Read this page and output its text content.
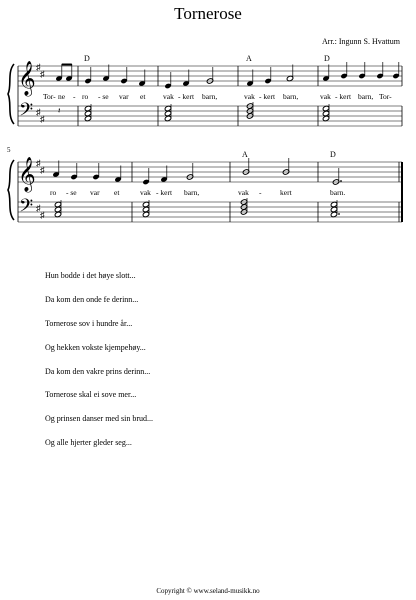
Tornerose
Arr.: Ingunn S. Hvattum
𝄞
𝄢
♯
♯
♯
♯
D	A	D
𝄽
Tor- ne - ro - se var et vak - kert barn,	vak - kert barn,	vak - kert barn, Tor-
5
𝄞
𝄢
♯
♯
♯
♯
A	D
ro - se var et	vak - kert barn,	vak - kert	barn.
Hun bodde i det høye slott...
Da kom den onde fe derinn...
Tornerose sov i hundre år...
Og hekken vokste kjempehøy...
Da kom den vakre prins derinn...
Tornerose skal ei sove mer...
Og prinsen danser med sin brud...
Og alle hjerter gleder seg...
Copyright © www.seland-musikk.no
